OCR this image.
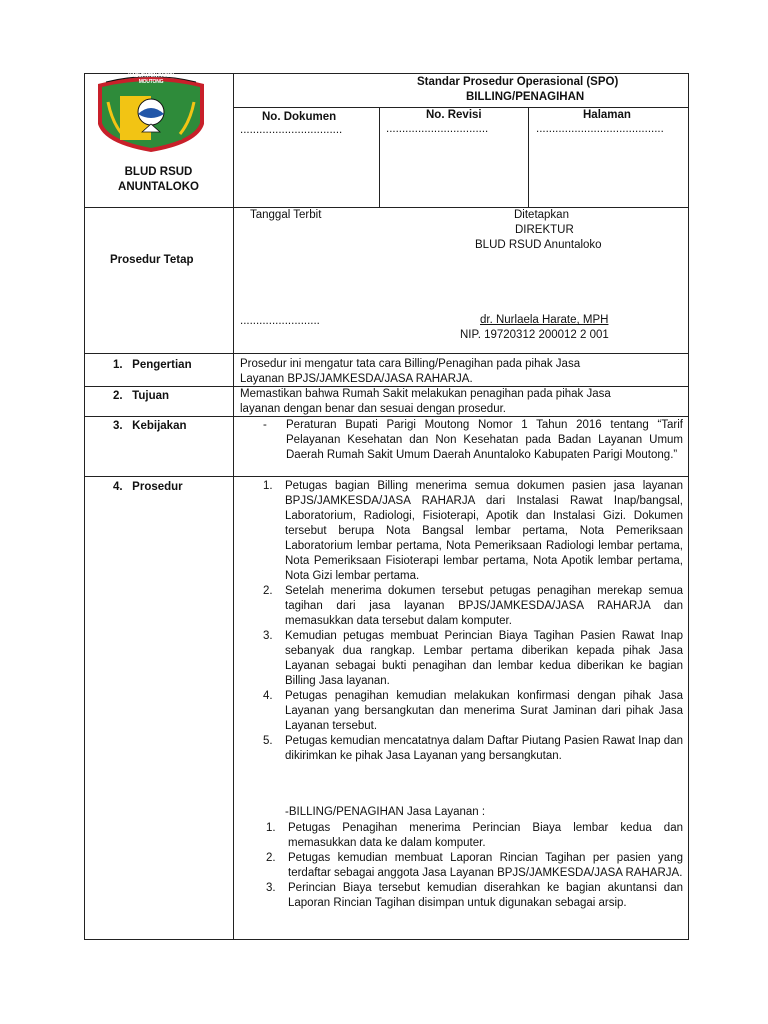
KABUPATEN PARIGI MOUTONG
BLUD RSUD
ANUNTALOKO
Standar Prosedur Operasional (SPO)
BILLING/PENAGIHAN
No. Dokumen
................................
No. Revisi
................................
Halaman
........................................
Prosedur Tetap
Tanggal Terbit	Ditetapkan
DIREKTUR
BLUD RSUD Anuntaloko
.........................	dr. Nurlaela Harate, MPH
NIP. 19720312 200012 2 001
1.   Pengertian	Prosedur ini mengatur tata cara Billing/Penagihan pada pihak Jasa
Layanan BPJS/JAMKESDA/JASA RAHARJA.
2.   Tujuan	Memastikan bahwa Rumah Sakit melakukan penagihan pada pihak Jasa
layanan dengan benar dan sesuai dengan prosedur.
3.   Kebijakan	- Peraturan Bupati Parigi Moutong Nomor 1 Tahun 2016 tentang “Tarif Pelayanan Kesehatan dan Non Kesehatan pada Badan Layanan Umum Daerah Rumah Sakit Umum Daerah Anuntaloko Kabupaten Parigi Moutong.”
4.   Prosedur	1. Petugas bagian Billing menerima semua dokumen pasien jasa layanan BPJS/JAMKESDA/JASA RAHARJA dari Instalasi Rawat Inap/bangsal, Laboratorium, Radiologi, Fisioterapi, Apotik dan Instalasi Gizi. Dokumen tersebut berupa Nota Bangsal lembar pertama, Nota Pemeriksaan Laboratorium lembar pertama, Nota Pemeriksaan Radiologi lembar pertama, Nota Pemeriksaan Fisioterapi lembar pertama, Nota Apotik lembar pertama, Nota Gizi lembar pertama.
2. Setelah menerima dokumen tersebut petugas penagihan merekap semua tagihan dari jasa layanan BPJS/JAMKESDA/JASA RAHARJA dan memasukkan data tersebut dalam komputer.
3. Kemudian petugas membuat Perincian Biaya Tagihan Pasien Rawat Inap sebanyak dua rangkap. Lembar pertama diberikan kepada pihak Jasa Layanan sebagai bukti penagihan dan lembar kedua diberikan ke bagian Billing Jasa layanan.
4. Petugas penagihan kemudian melakukan konfirmasi dengan pihak Jasa Layanan yang bersangkutan dan menerima Surat Jaminan dari pihak Jasa Layanan tersebut.
5. Petugas kemudian mencatatnya dalam Daftar Piutang Pasien Rawat Inap dan dikirimkan ke pihak Jasa Layanan yang bersangkutan.
-BILLING/PENAGIHAN Jasa Layanan :
1. Petugas Penagihan menerima Perincian Biaya lembar kedua dan memasukkan data ke dalam komputer.
2. Petugas kemudian membuat Laporan Rincian Tagihan per pasien yang terdaftar sebagai anggota Jasa Layanan BPJS/JAMKESDA/JASA RAHARJA.
3. Perincian Biaya tersebut kemudian diserahkan ke bagian akuntansi dan Laporan Rincian Tagihan disimpan untuk digunakan sebagai arsip.
